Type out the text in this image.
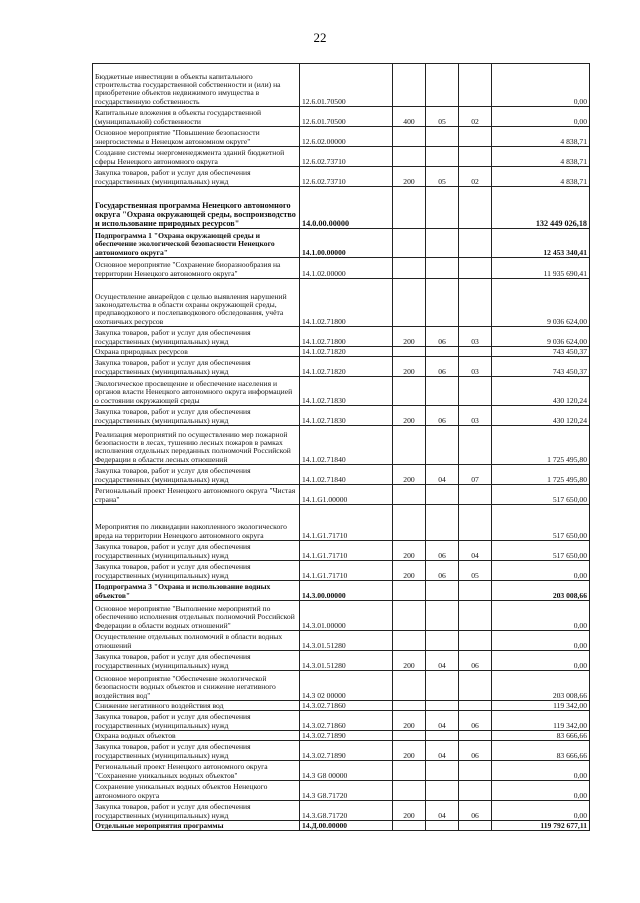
22
Бюджетные инвестиции в объекты капитального строительства государственной собственности и (или) на приобретение объектов недвижимого имущества в государственную собственность	12.6.01.70500				0,00
Капитальные вложения в объекты государственной (муниципальной) собственности	12.6.01.70500	400	05	02	0,00
Основное мероприятие "Повышение безопасности энергосистемы в Ненецком автономном округе"	12.6.02.00000				4 838,71
Создание системы энергоменеджмента зданий бюджетной сферы Ненецкого автономного округа	12.6.02.73710				4 838,71
Закупка товаров, работ и услуг для обеспечения государственных (муниципальных) нужд	12.6.02.73710	200	05	02	4 838,71
Государственная программа Ненецкого автономного округа "Охрана окружающей среды, воспроизводство и использование природных ресурсов"	14.0.00.00000				132 449 026,18
Подпрограмма 1 "Охрана окружающей среды и обеспечение экологической безопасности Ненецкого автономного округа"	14.1.00.00000				12 453 340,41
Основное мероприятие "Сохранение биоразнообразия на территории Ненецкого автономного округа"	14.1.02.00000				11 935 690,41
Осуществление авиарейдов с целью выявления нарушений законодательства в области охраны окружающей среды, предпаводкового и послепаводкового обследования, учёта охотничьих ресурсов	14.1.02.71800				9 036 624,00
Закупка товаров, работ и услуг для обеспечения государственных (муниципальных) нужд	14.1.02.71800	200	06	03	9 036 624,00
Охрана природных ресурсов	14.1.02.71820				743 450,37
Закупка товаров, работ и услуг для обеспечения государственных (муниципальных) нужд	14.1.02.71820	200	06	03	743 450,37
Экологическое просвещение и обеспечение населения и органов власти Ненецкого автономного округа информацией о состоянии окружающей среды	14.1.02.71830				430 120,24
Закупка товаров, работ и услуг для обеспечения государственных (муниципальных) нужд	14.1.02.71830	200	06	03	430 120,24
Реализация мероприятий по осуществлению мер пожарной безопасности в лесах, тушению лесных пожаров в рамках исполнения отдельных переданных полномочий Российской Федерации в области лесных отношений	14.1.02.71840				1 725 495,80
Закупка товаров, работ и услуг для обеспечения государственных (муниципальных) нужд	14.1.02.71840	200	04	07	1 725 495,80
Региональный проект Ненецкого автономного округа "Чистая страна"	14.1.G1.00000				517 650,00
Мероприятия по ликвидации накопленного экологического вреда на территории Ненецкого автономного округа	14.1.G1.71710				517 650,00
Закупка товаров, работ и услуг для обеспечения государственных (муниципальных) нужд	14.1.G1.71710	200	06	04	517 650,00
Закупка товаров, работ и услуг для обеспечения государственных (муниципальных) нужд	14.1.G1.71710	200	06	05	0,00
Подпрограмма 3 "Охрана и использование водных объектов"	14.3.00.00000				203 008,66
Основное мероприятие "Выполнение мероприятий по обеспечению исполнения отдельных полномочий Российской Федерации в области водных отношений"	14.3.01.00000				0,00
Осуществление отдельных полномочий в области водных отношений	14.3.01.51280				0,00
Закупка товаров, работ и услуг для обеспечения государственных (муниципальных) нужд	14.3.01.51280	200	04	06	0,00
Основное мероприятие "Обеспечение экологической безопасности водных объектов и снижение негативного воздействия вод"	14.3 02 00000				203 008,66
Снижение негативного воздействия вод	14.3.02.71860				119 342,00
Закупка товаров, работ и услуг для обеспечения государственных (муниципальных) нужд	14.3.02.71860	200	04	06	119 342,00
Охрана водных объектов	14.3.02.71890				83 666,66
Закупка товаров, работ и услуг для обеспечения государственных (муниципальных) нужд	14.3.02.71890	200	04	06	83 666,66
Региональный проект Ненецкого автономного округа "Сохранение уникальных водных объектов"	14.3 G8 00000				0,00
Сохранение уникальных водных объектов Ненецкого автономного округа	14.3 G8.71720				0,00
Закупка товаров, работ и услуг для обеспечения государственных (муниципальных) нужд	14.3.G8.71720	200	04	06	0,00
Отдельные мероприятия программы	14.Д.00.00000				119 792 677,11
